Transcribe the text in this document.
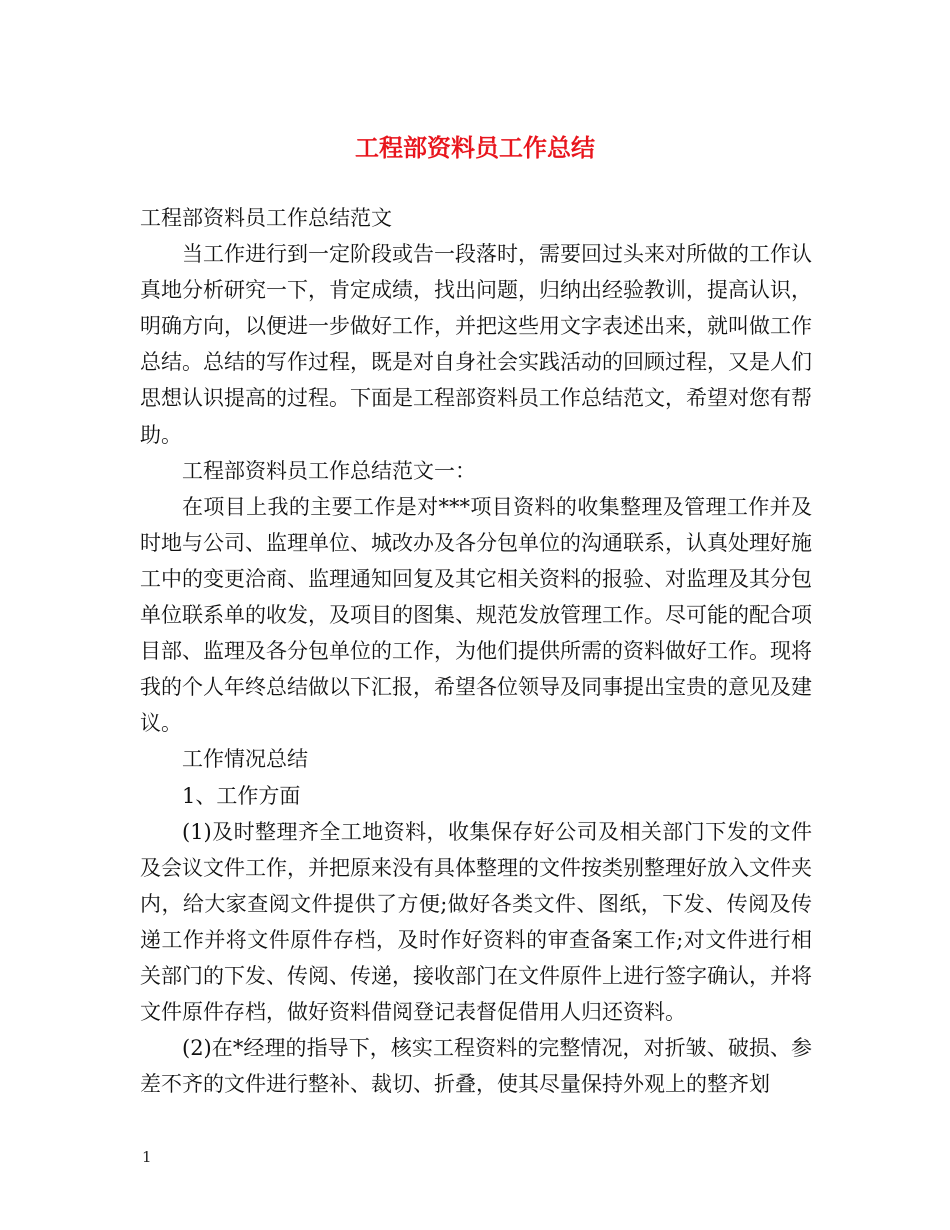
工程部资料员工作总结

工程部资料员工作总结范文

当工作进行到一定阶段或告一段落时，需要回过头来对所做的工作认真地分析研究一下，肯定成绩，找出问题，归纳出经验教训，提高认识，明确方向，以便进一步做好工作，并把这些用文字表述出来，就叫做工作总结。总结的写作过程，既是对自身社会实践活动的回顾过程，又是人们思想认识提高的过程。下面是工程部资料员工作总结范文，希望对您有帮助。

工程部资料员工作总结范文一：

在项目上我的主要工作是对***项目资料的收集整理及管理工作并及时地与公司、监理单位、城改办及各分包单位的沟通联系，认真处理好施工中的变更洽商、监理通知回复及其它相关资料的报验、对监理及其分包单位联系单的收发，及项目的图集、规范发放管理工作。尽可能的配合项目部、监理及各分包单位的工作，为他们提供所需的资料做好工作。现将我的个人年终总结做以下汇报，希望各位领导及同事提出宝贵的意见及建议。

工作情况总结

1、工作方面

(1)及时整理齐全工地资料，收集保存好公司及相关部门下发的文件及会议文件工作，并把原来没有具体整理的文件按类别整理好放入文件夹内，给大家查阅文件提供了方便;做好各类文件、图纸，下发、传阅及传递工作并将文件原件存档，及时作好资料的审查备案工作;对文件进行相关部门的下发、传阅、传递，接收部门在文件原件上进行签字确认，并将文件原件存档，做好资料借阅登记表督促借用人归还资料。

(2)在*经理的指导下，核实工程资料的完整情况，对折皱、破损、参差不齐的文件进行整补、裁切、折叠，使其尽量保持外观上的整齐划

1
